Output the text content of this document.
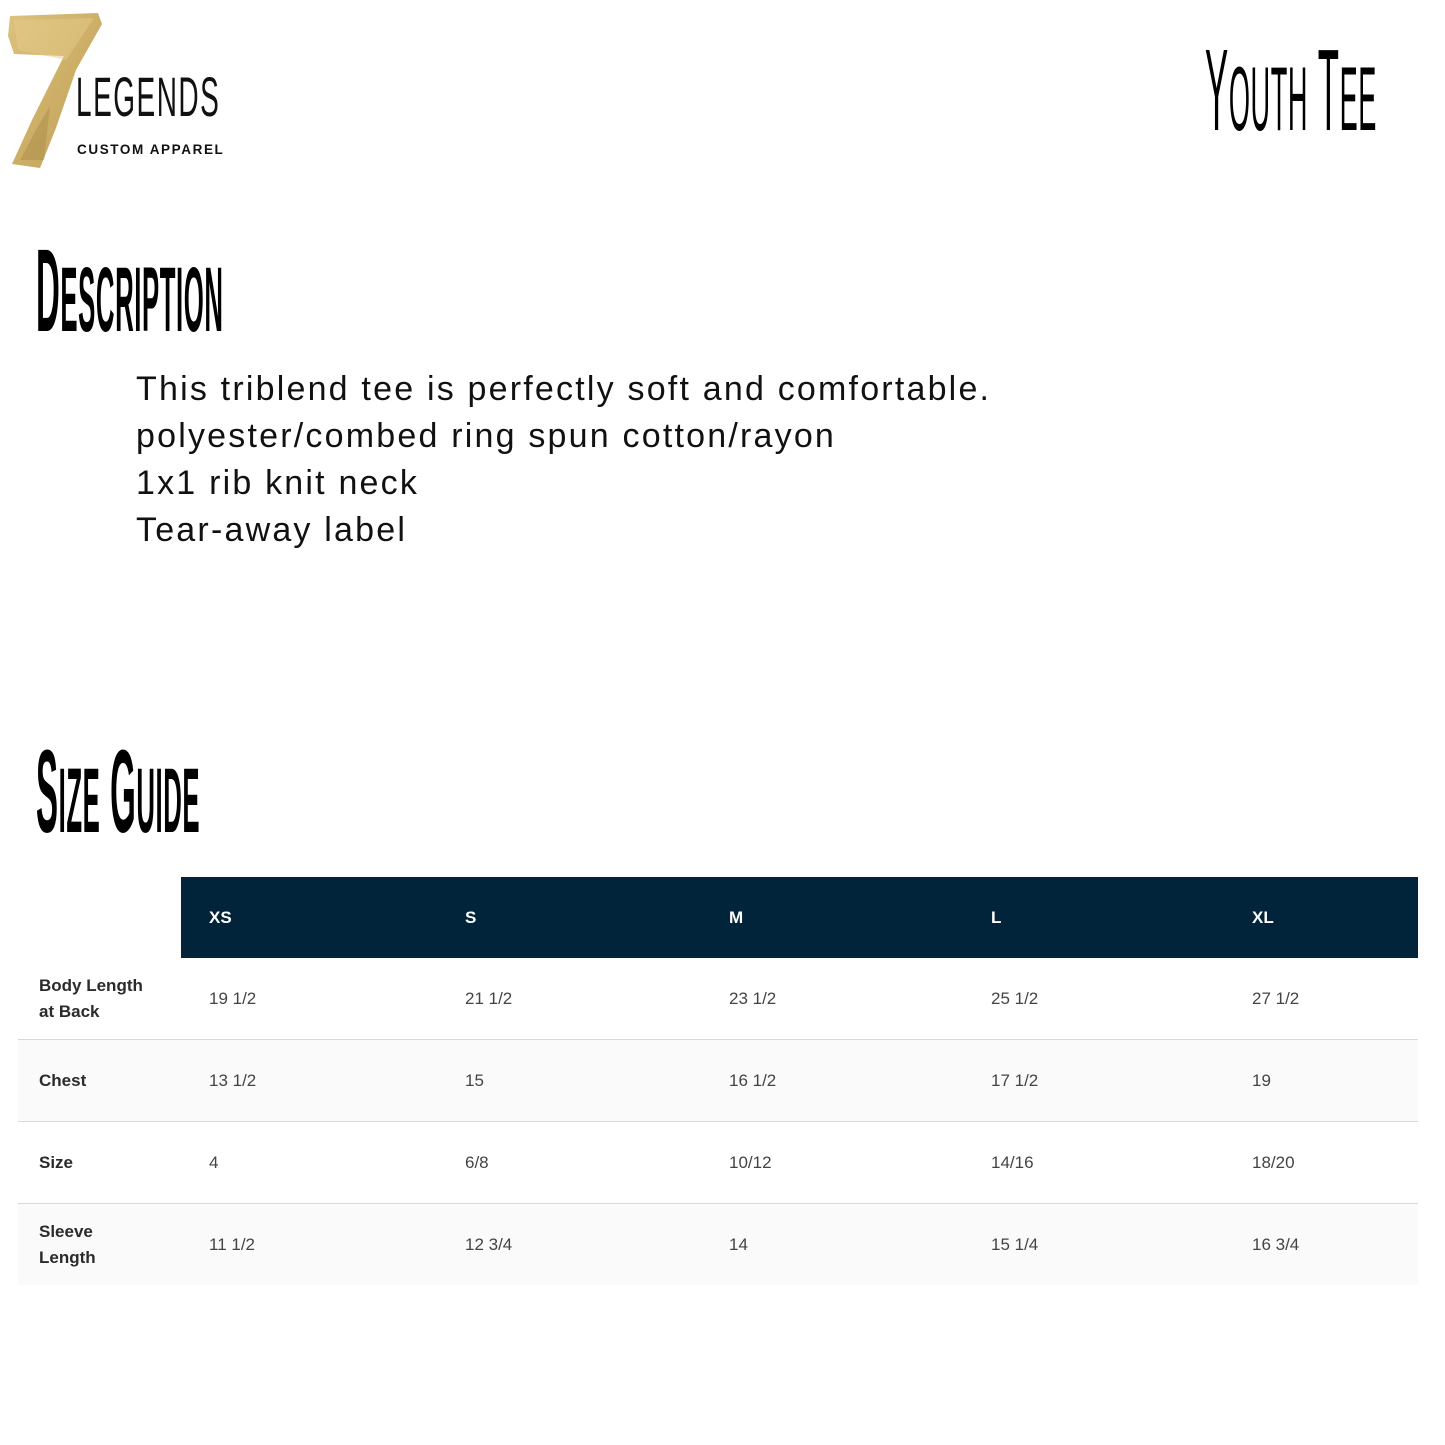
LEGENDS
CUSTOM APPAREL	YOUTH TEE
DESCRIPTION
This triblend tee is perfectly soft and comfortable.
polyester/combed ring spun cotton/rayon
1x1 rib knit neck
Tear-away label
SIZE GUIDE
	XS	S	M	L	XL
Body Length
at Back	19 1/2	21 1/2	23 1/2	25 1/2	27 1/2
Chest	13 1/2	15	16 1/2	17 1/2	19
Size	4	6/8	10/12	14/16	18/20
Sleeve
Length	11 1/2	12 3/4	14	15 1/4	16 3/4
